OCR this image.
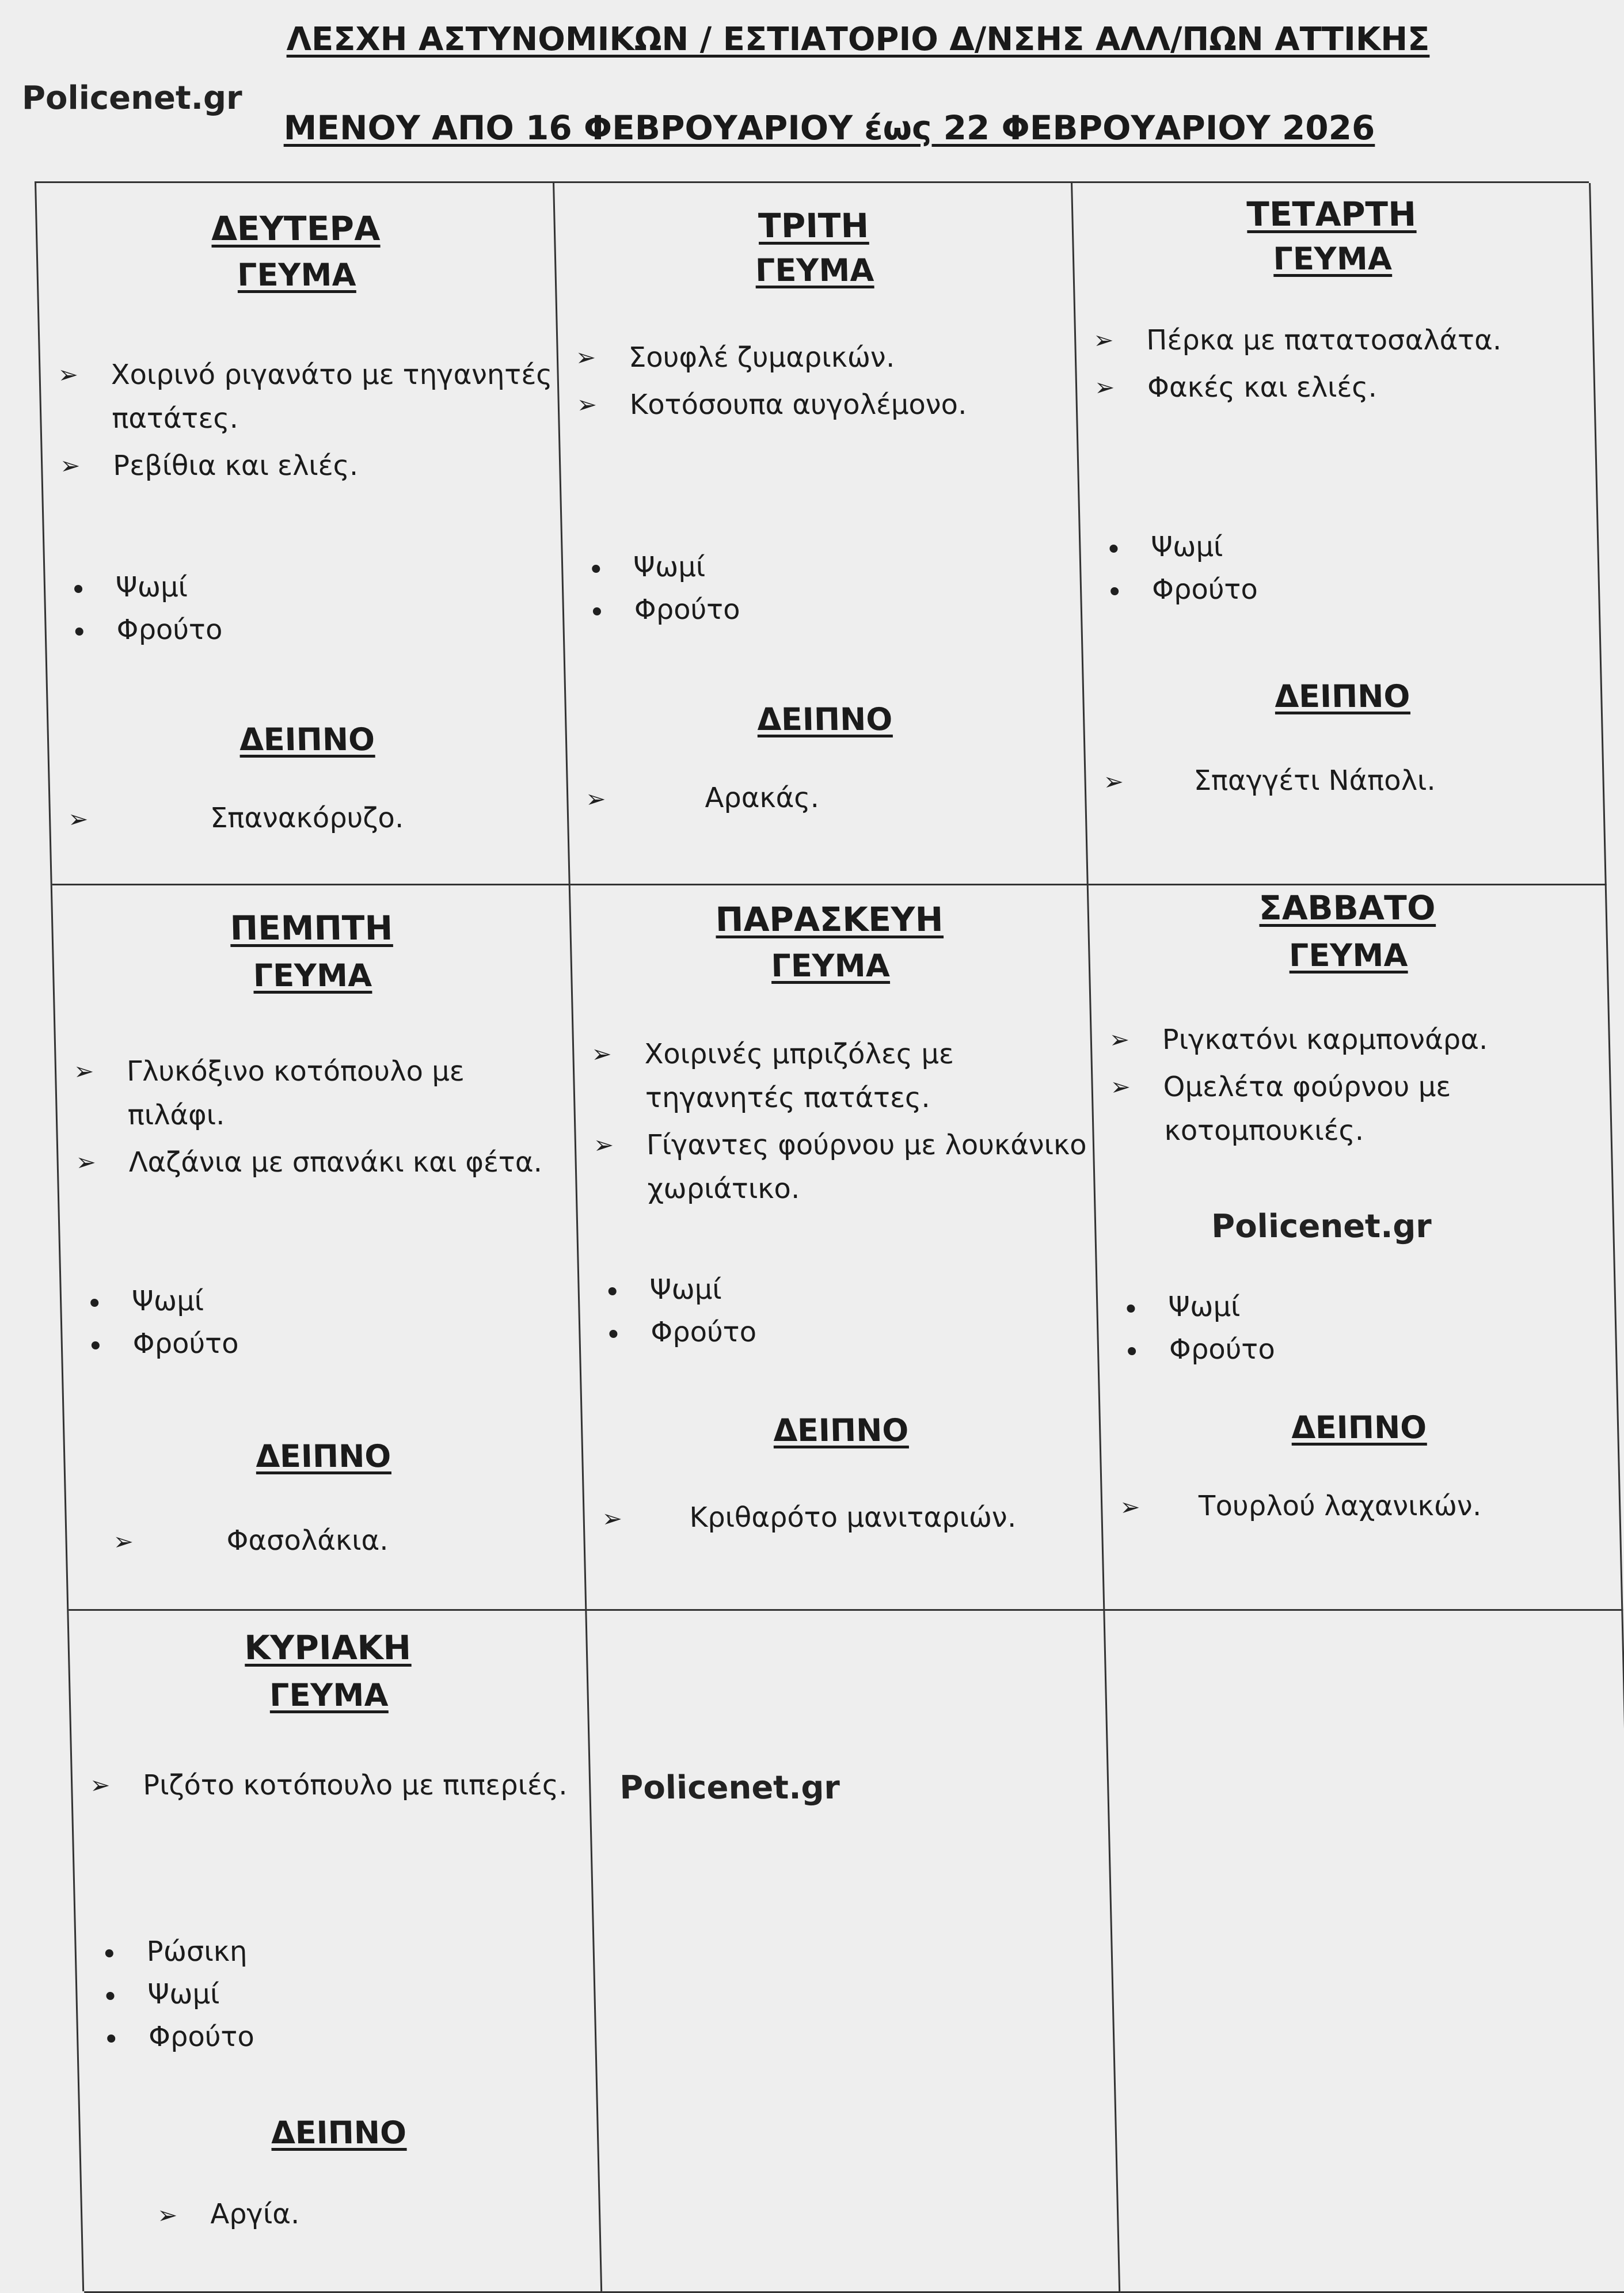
Policenet.gr
ΛΕΣΧΗ ΑΣΤΥΝΟΜΙΚΩΝ / ΕΣΤΙΑΤΟΡΙΟ Δ/ΝΣΗΣ ΑΛΛ/ΠΩΝ ΑΤΤΙΚΗΣ
ΜΕΝΟΥ ΑΠΟ 16 ΦΕΒΡΟΥΑΡΙΟΥ έως 22 ΦΕΒΡΟΥΑΡΙΟΥ 2026
ΔΕΥΤΕΡΑ
ΓΕΥΜΑ
➢ Χοιρινό ριγανάτο με τηγανητές πατάτες.
➢ Ρεβίθια και ελιές.
Ψωμί
Φρούτο
ΔΕΙΠΝΟ
➢	Σπανακόρυζο.
ΤΡΙΤΗ
ΓΕΥΜΑ
➢ Σουφλέ ζυμαρικών.
➢ Κοτόσουπα αυγολέμονο.
Ψωμί
Φρούτο
ΔΕΙΠΝΟ
➢	Αρακάς.
ΤΕΤΑΡΤΗ
ΓΕΥΜΑ
➢ Πέρκα με πατατοσαλάτα.
➢ Φακές και ελιές.
Ψωμί
Φρούτο
ΔΕΙΠΝΟ
➢	Σπαγγέτι Νάπολι.
ΠΕΜΠΤΗ
ΓΕΥΜΑ
➢ Γλυκόξινο κοτόπουλο με πιλάφι.
➢ Λαζάνια με σπανάκι και φέτα.
Ψωμί
Φρούτο
ΔΕΙΠΝΟ
➢	Φασολάκια.
ΠΑΡΑΣΚΕΥΗ
ΓΕΥΜΑ
➢ Χοιρινές μπριζόλες με τηγανητές πατάτες.
➢ Γίγαντες φούρνου με λουκάνικο χωριάτικο.
Ψωμί
Φρούτο
ΔΕΙΠΝΟ
➢ Κριθαρότο μανιταριών.
ΣΑΒΒΑΤΟ
ΓΕΥΜΑ
➢ Ριγκατόνι καρμπονάρα.
➢ Ομελέτα φούρνου με κοτομπουκιές.
Policenet.gr
Ψωμί
Φρούτο
ΔΕΙΠΝΟ
➢ Τουρλού λαχανικών.
ΚΥΡΙΑΚΗ
ΓΕΥΜΑ
➢ Ριζότο κοτόπουλο με πιπεριές.
Ρώσικη
Ψωμί
Φρούτο
ΔΕΙΠΝΟ
➢ Αργία.
Policenet.gr
